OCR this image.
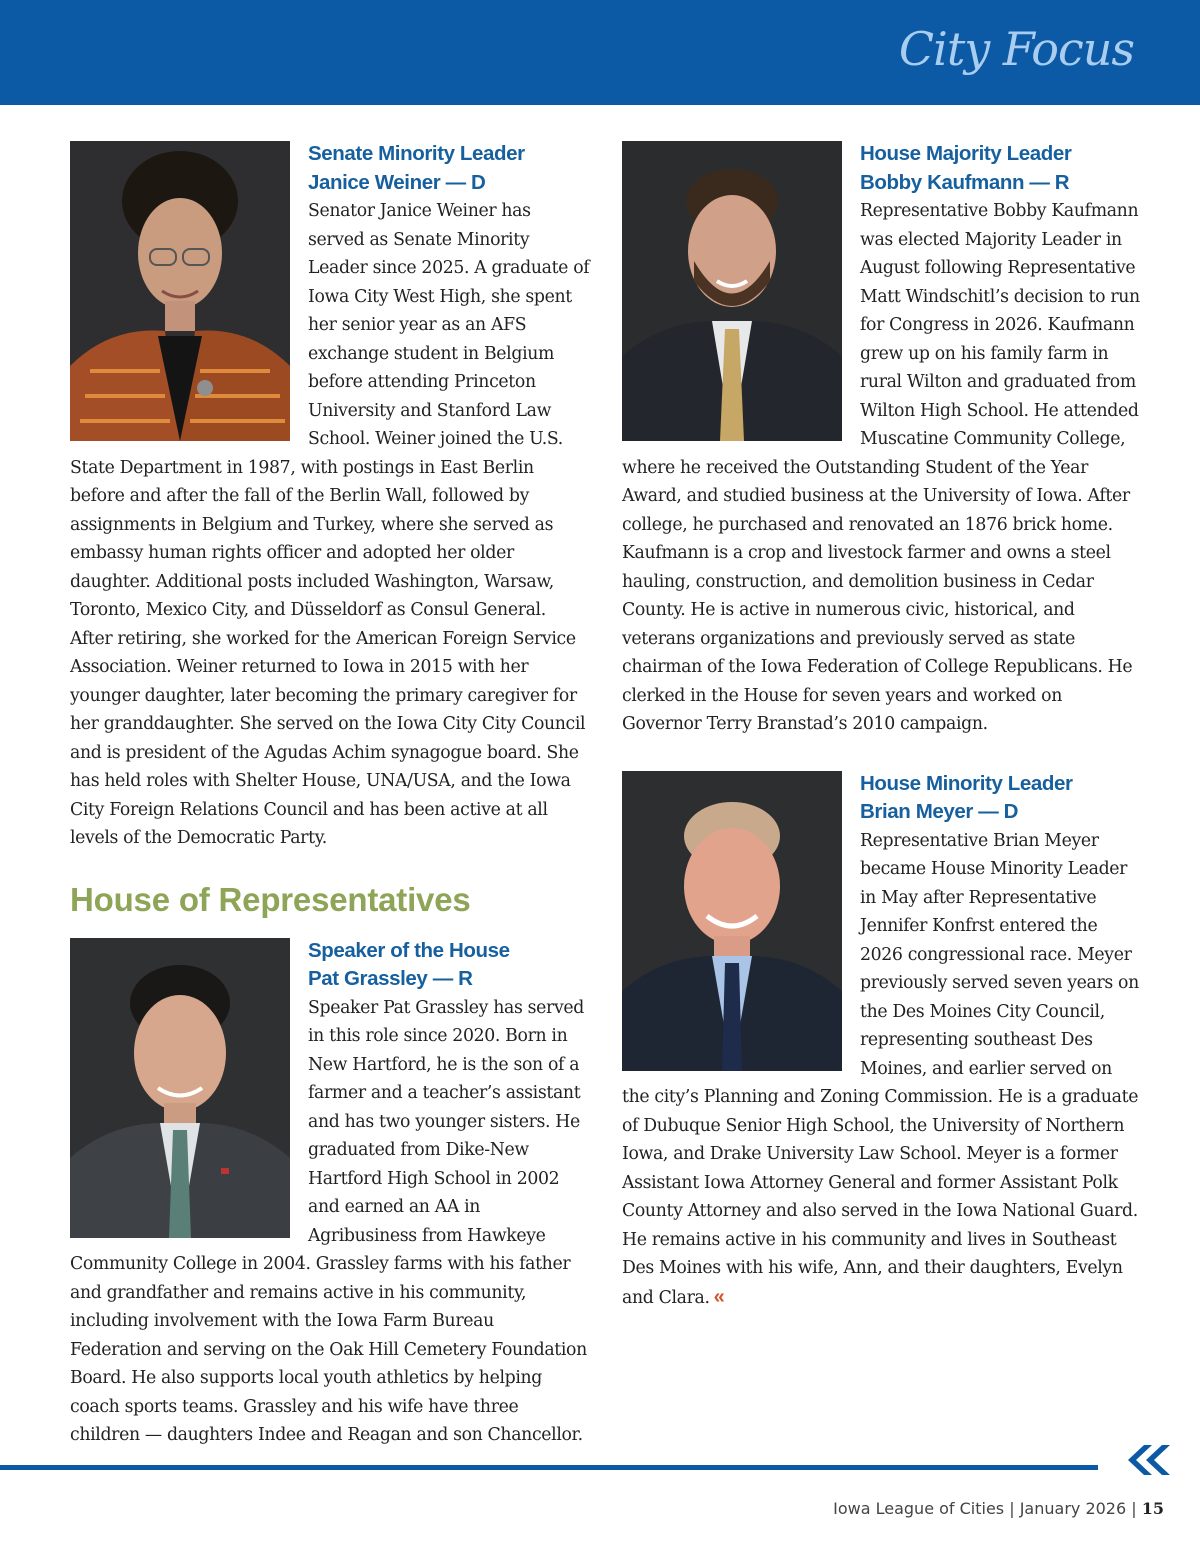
City Focus
Senate Minority Leader
Janice Weiner — D

Senator Janice Weiner has served as Senate Minority Leader since 2025. A graduate of Iowa City West High, she spent her senior year as an AFS exchange student in Belgium before attending Princeton University and Stanford Law School. Weiner joined the U.S. State Department in 1987, with postings in East Berlin before and after the fall of the Berlin Wall, followed by assignments in Belgium and Turkey, where she served as embassy human rights officer and adopted her older daughter. Additional posts included Washington, Warsaw, Toronto, Mexico City, and Düsseldorf as Consul General. After retiring, she worked for the American Foreign Service Association. Weiner returned to Iowa in 2015 with her younger daughter, later becoming the primary caregiver for her granddaughter. She served on the Iowa City City Council and is president of the Agudas Achim synagogue board. She has held roles with Shelter House, UNA/USA, and the Iowa City Foreign Relations Council and has been active at all levels of the Democratic Party.

House of Representatives
Speaker of the House
Pat Grassley — R

Speaker Pat Grassley has served in this role since 2020. Born in New Hartford, he is the son of a farmer and a teacher’s assistant and has two younger sisters. He graduated from Dike-New Hartford High School in 2002 and earned an AA in Agribusiness from Hawkeye Community College in 2004. Grassley farms with his father and grandfather and remains active in his community, including involvement with the Iowa Farm Bureau Federation and serving on the Oak Hill Cemetery Foundation Board. He also supports local youth athletics by helping coach sports teams. Grassley and his wife have three children — daughters Indee and Reagan and son Chancellor.

House Majority Leader
Bobby Kaufmann — R

Representative Bobby Kaufmann was elected Majority Leader in August following Representative Matt Windschitl’s decision to run for Congress in 2026. Kaufmann grew up on his family farm in rural Wilton and graduated from Wilton High School. He attended Muscatine Community College, where he received the Outstanding Student of the Year Award, and studied business at the University of Iowa. After college, he purchased and renovated an 1876 brick home. Kaufmann is a crop and livestock farmer and owns a steel hauling, construction, and demolition business in Cedar County. He is active in numerous civic, historical, and veterans organizations and previously served as state chairman of the Iowa Federation of College Republicans. He clerked in the House for seven years and worked on Governor Terry Branstad’s 2010 campaign.

House Minority Leader
Brian Meyer — D

Representative Brian Meyer became House Minority Leader in May after Representative Jennifer Konfrst entered the 2026 congressional race. Meyer previously served seven years on the Des Moines City Council, representing southeast Des Moines, and earlier served on the city’s Planning and Zoning Commission. He is a graduate of Dubuque Senior High School, the University of Northern Iowa, and Drake University Law School. Meyer is a former Assistant Iowa Attorney General and former Assistant Polk County Attorney and also served in the Iowa National Guard. He remains active in his community and lives in Southeast Des Moines with his wife, Ann, and their daughters, Evelyn and Clara. «

Iowa League of Cities | January 2026 | 15
